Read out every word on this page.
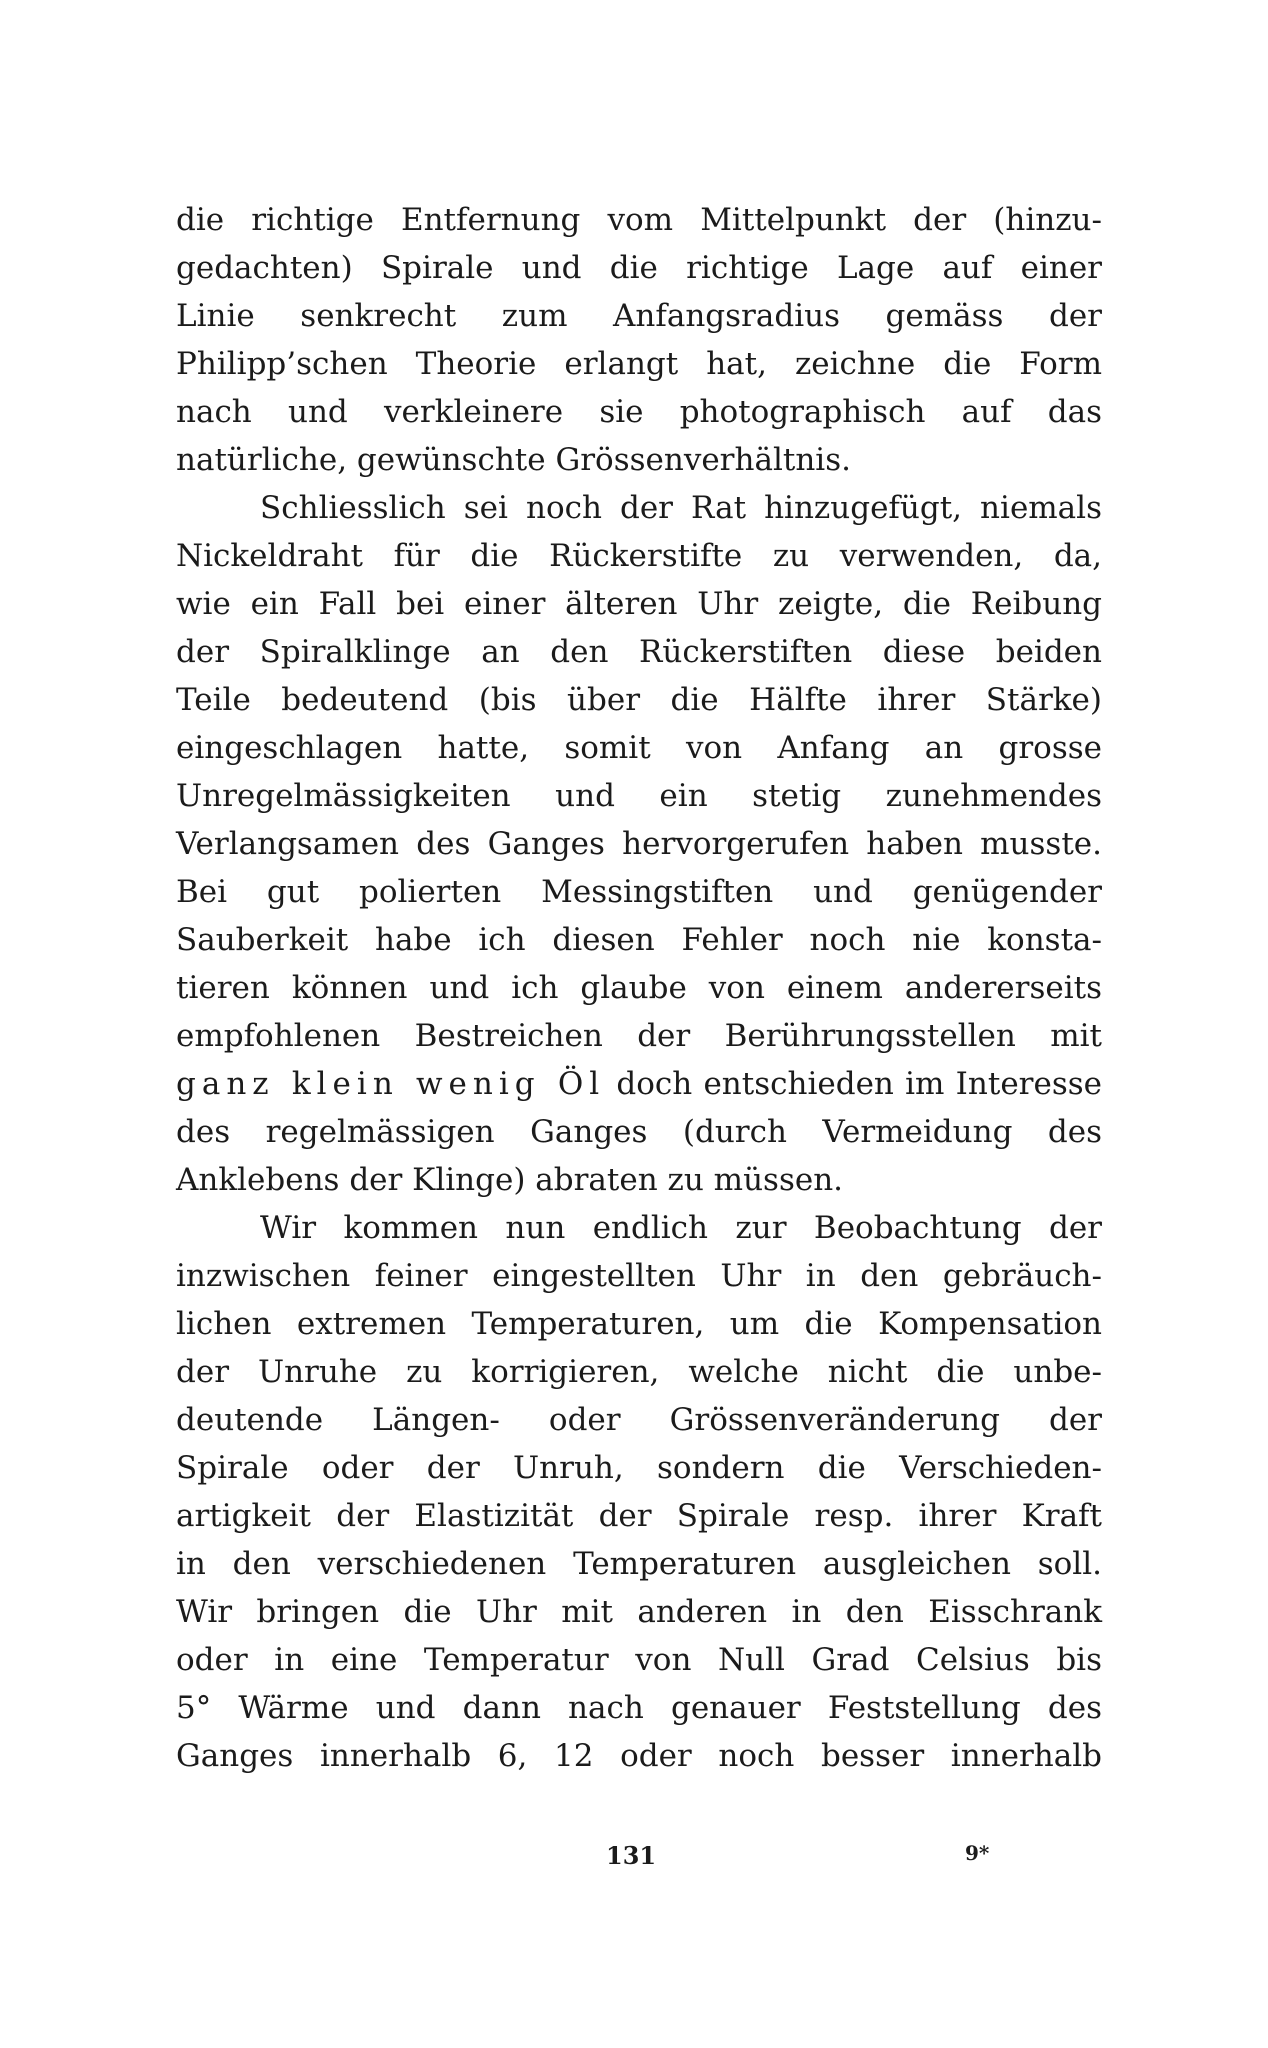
die richtige Entfernung vom Mittelpunkt der (hinzu-
gedachten) Spirale und die richtige Lage auf einer
Linie senkrecht zum Anfangsradius gemäss der
Philipp’schen Theorie erlangt hat, zeichne die Form
nach und verkleinere sie photographisch auf das
natürliche, gewünschte Grössenverhältnis.
Schliesslich sei noch der Rat hinzugefügt, niemals
Nickeldraht für die Rückerstifte zu verwenden, da,
wie ein Fall bei einer älteren Uhr zeigte, die Reibung
der Spiralklinge an den Rückerstiften diese beiden
Teile bedeutend (bis über die Hälfte ihrer Stärke)
eingeschlagen hatte, somit von Anfang an grosse
Unregelmässigkeiten und ein stetig zunehmendes
Verlangsamen des Ganges hervorgerufen haben musste.
Bei gut polierten Messingstiften und genügender
Sauberkeit habe ich diesen Fehler noch nie konsta-
tieren können und ich glaube von einem andererseits
empfohlenen Bestreichen der Berührungsstellen mit
ganz klein wenig Öl doch entschieden im Interesse
des regelmässigen Ganges (durch Vermeidung des
Anklebens der Klinge) abraten zu müssen.
Wir kommen nun endlich zur Beobachtung der
inzwischen feiner eingestellten Uhr in den gebräuch-
lichen extremen Temperaturen, um die Kompensation
der Unruhe zu korrigieren, welche nicht die unbe-
deutende Längen- oder Grössenveränderung der
Spirale oder der Unruh, sondern die Verschieden-
artigkeit der Elastizität der Spirale resp. ihrer Kraft
in den verschiedenen Temperaturen ausgleichen soll.
Wir bringen die Uhr mit anderen in den Eisschrank
oder in eine Temperatur von Null Grad Celsius bis
5° Wärme und dann nach genauer Feststellung des
Ganges innerhalb 6, 12 oder noch besser innerhalb
131	9*
